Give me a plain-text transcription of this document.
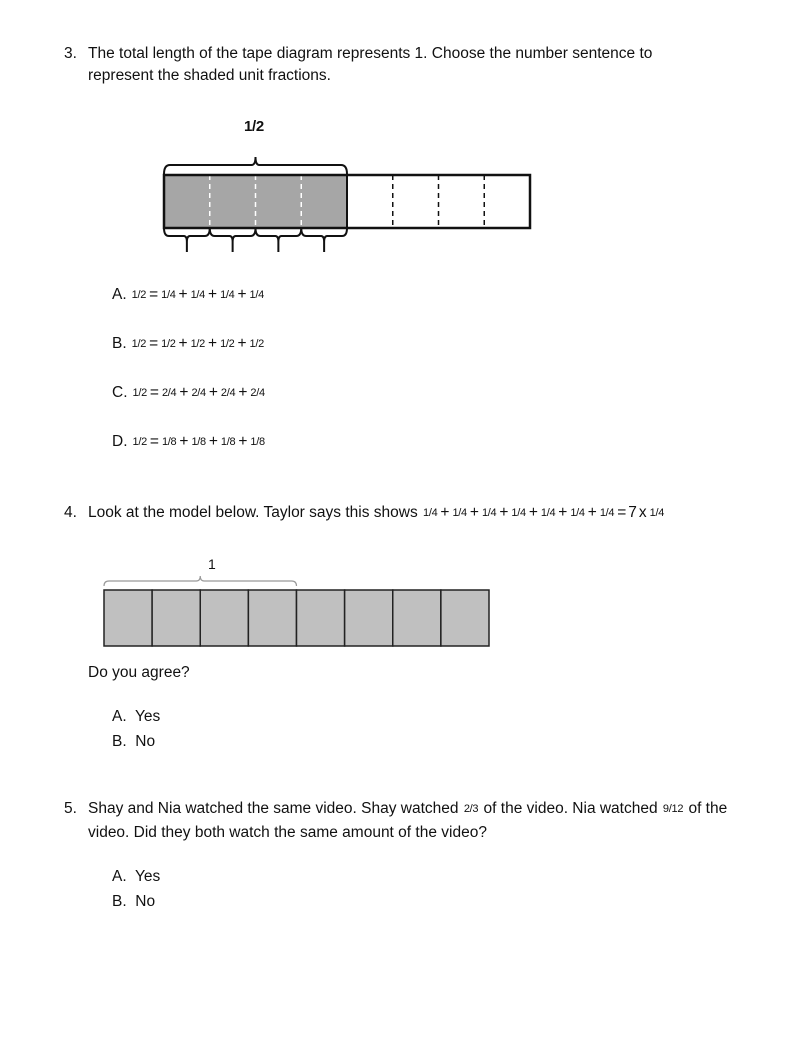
3. The total length of the tape diagram represents 1. Choose the number sentence to
represent the shaded unit fractions.
1/2
A. 1/2 = 1/4 + 1/4 + 1/4 + 1/4
B. 1/2 = 1/2 + 1/2 + 1/2 + 1/2
C. 1/2 = 2/4 + 2/4 + 2/4 + 2/4
D. 1/2 = 1/8 + 1/8 + 1/8 + 1/8
4. Look at the model below. Taylor says this shows 1/4 + 1/4 + 1/4 + 1/4 + 1/4 + 1/4 + 1/4 = 7 x 1/4
1
Do you agree?
A. Yes
B. No
5. Shay and Nia watched the same video. Shay watched 2/3 of the video. Nia watched 9/12 of the
video. Did they both watch the same amount of the video?
A. Yes
B. No
